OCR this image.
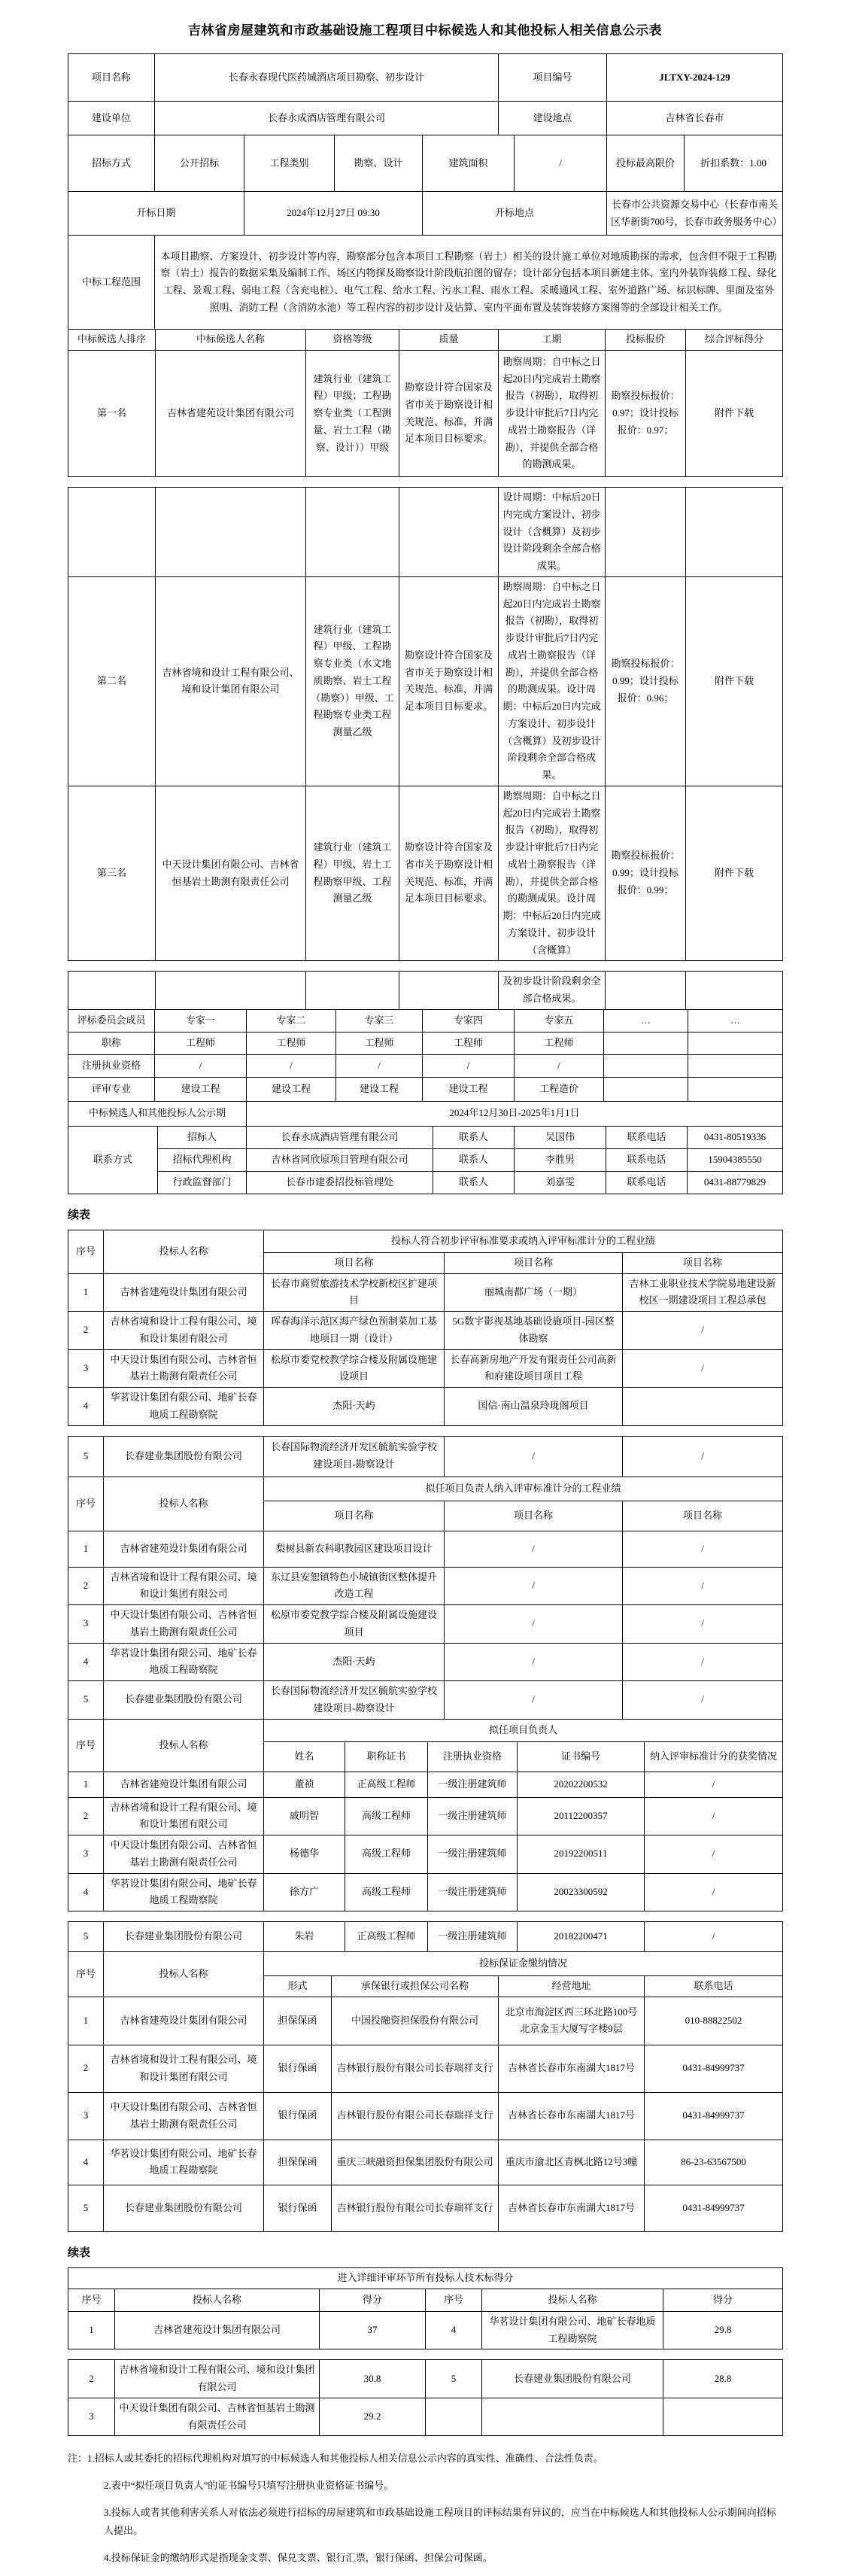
吉林省房屋建筑和市政基础设施工程项目中标候选人和其他投标人相关信息公示表
项目名称	长春永春现代医药城酒店项目勘察、初步设计	项目编号	JLTXY-2024-129
建设单位	长春永成酒店管理有限公司	建设地点	吉林省长春市
招标方式	公开招标	工程类别	勘察、设计	建筑面积	/	投标最高限价	折扣系数：1.00
开标日期	2024年12月27日 09:30	开标地点	长春市公共资源交易中心（长春市南关区华新街700号，长春市政务服务中心）
中标工程范围	本项目勘察、方案设计、初步设计等内容，勘察部分包含本项目工程勘察（岩土）相关的设计施工单位对地质勘探的需求，包含但不限于工程勘察（岩土）报告的数据采集及编制工作、场区内物探及勘察设计阶段航拍图的留存；设计部分包括本项目新建主体、室内外装饰装修工程、绿化工程、景观工程、弱电工程（含充电桩）、电气工程、给水工程、污水工程、雨水工程、采暖通风工程、室外道路广场、标识标牌、里面及室外照明、消防工程（含消防水池）等工程内容的初步设计及估算、室内平面布置及装饰装修方案图等的全部设计相关工作。
中标候选人排序	中标候选人名称	资格等级	质量	工期	投标报价	综合评标得分
第一名	吉林省建苑设计集团有限公司	建筑行业（建筑工程）甲级；工程勘察专业类（工程测量、岩土工程（勘察、设计））甲级	勘察设计符合国家及省市关于勘察设计相关规范、标准，并满足本项目目标要求。	勘察周期：自中标之日起20日内完成岩土勘察报告（初勘），取得初步设计审批后7日内完成岩土勘察报告（详勘），并提供全部合格的勘测成果。	勘察投标报价：0.97；设计投标报价：0.97；	附件下载
				设计周期：中标后20日内完成方案设计、初步设计（含概算）及初步设计阶段剩余全部合格成果。		
第二名	吉林省境和设计工程有限公司、境和设计集团有限公司	建筑行业（建筑工程）甲级、工程勘察专业类（水文地质勘察、岩土工程（勘察））甲级、工程勘察专业类工程测量乙级	勘察设计符合国家及省市关于勘察设计相关规范、标准，并满足本项目目标要求。	勘察周期：自中标之日起20日内完成岩土勘察报告（初勘），取得初步设计审批后7日内完成岩土勘察报告（详勘），并提供全部合格的勘测成果。设计周期：中标后20日内完成方案设计、初步设计（含概算）及初步设计阶段剩余全部合格成果。	勘察投标报价：0.99；设计投标报价：0.96；	附件下载
第三名	中天设计集团有限公司、吉林省恒基岩土勘测有限责任公司	建筑行业（建筑工程）甲级、岩土工程勘察甲级、工程测量乙级	勘察设计符合国家及省市关于勘察设计相关规范、标准，并满足本项目目标要求。	勘察周期：自中标之日起20日内完成岩土勘察报告（初勘），取得初步设计审批后7日内完成岩土勘察报告（详勘），并提供全部合格的勘测成果。设计周期：中标后20日内完成方案设计、初步设计（含概算）	勘察投标报价：0.99；设计投标报价：0.99；	附件下载
				及初步设计阶段剩余全部合格成果。		
评标委员会成员	专家一	专家二	专家三	专家四	专家五	…	…
职称	工程师	工程师	工程师	工程师	工程师		
注册执业资格	/	/	/	/	/		
评审专业	建设工程	建设工程	建设工程	建设工程	工程造价		
中标候选人和其他投标人公示期	2024年12月30日-2025年1月1日
联系方式	招标人	长春永成酒店管理有限公司	联系人	吴国伟	联系电话	0431-80519336
	招标代理机构	吉林省同欣原项目管理有限公司	联系人	李胜男	联系电话	15904385550
	行政监督部门	长春市建委招投标管理处	联系人	刘嘉雯	联系电话	0431-88779829
续表
序号	投标人名称	投标人符合初步评审标准要求或纳入评审标准计分的工程业绩		
		项目名称	项目名称	项目名称
1	吉林省建苑设计集团有限公司	长春市商贸旅游技术学校新校区扩建项目	丽城南都广场（一期）	吉林工业职业技术学院易地建设新校区一期建设项目工程总承包
2	吉林省境和设计工程有限公司、境和设计集团有限公司	珲春海洋示范区海产绿色预制菜加工基地项目一期（设计）	5G数字影视基地基础设施项目-园区整体勘察	/
3	中天设计集团有限公司、吉林省恒基岩土勘测有限责任公司	松原市委党校教学综合楼及附属设施建设项目	长春高新房地产开发有限责任公司高新和府建设项目项目工程	/
4	华茗设计集团有限公司、地矿长春地质工程勘察院	杰阳·天屿	国信·南山温泉玲珑阁项目	
5	长春建业集团股份有限公司	长春国际物流经济开发区毓航实验学校建设项目-勘察设计	/	/
序号	投标人名称	拟任项目负责人纳入评审标准计分的工程业绩		
		项目名称	项目名称	项目名称
1	吉林省建苑设计集团有限公司	梨树县新农科职教园区建设项目设计	/	/
2	吉林省境和设计工程有限公司、境和设计集团有限公司	东辽县安恕镇特色小城镇街区整体提升改造工程	/	/
3	中天设计集团有限公司、吉林省恒基岩土勘测有限责任公司	松原市委党教学综合楼及附属设施建设项目	/	/
4	华茗设计集团有限公司、地矿长春地质工程勘察院	杰阳·天屿	/	/
5	长春建业集团股份有限公司	长春国际物流经济开发区毓航实验学校建设项目-勘察设计	/	/
序号	投标人名称	拟任项目负责人				
		姓名	职称证书	注册执业资格	证书编号	纳入评审标准计分的获奖情况
1	吉林省建苑设计集团有限公司	董祯	正高级工程师	一级注册建筑师	20202200532	/
2	吉林省境和设计工程有限公司、境和设计集团有限公司	戚明智	高级工程师	一级注册建筑师	20112200357	/
3	中天设计集团有限公司、吉林省恒基岩土勘测有限责任公司	杨德华	高级工程师	一级注册建筑师	20192200511	/
4	华茗设计集团有限公司、地矿长春地质工程勘察院	徐方广	高级工程师	一级注册建筑师	20023300592	/
5	长春建业集团股份有限公司	朱岩	正高级工程师	一级注册建筑师	20182200471	/
序号	投标人名称	投标保证金缴纳情况			
		形式	承保银行或担保公司名称	经营地址	联系电话
1	吉林省建苑设计集团有限公司	担保保函	中国投融资担保股份有限公司	北京市海淀区西三环北路100号北京金玉大厦写字楼9层	010-88822502
2	吉林省境和设计工程有限公司、境和设计集团有限公司	银行保函	吉林银行股份有限公司长春瑞祥支行	吉林省长春市东南湖大1817号	0431-84999737
3	中天设计集团有限公司、吉林省恒基岩土勘测有限责任公司	银行保函	吉林银行股份有限公司长春瑞祥支行	吉林省长春市东南湖大1817号	0431-84999737
4	华茗设计集团有限公司、地矿长春地质工程勘察院	担保保函	重庆三峡融资担保集团股份有限公司	重庆市渝北区青枫北路12号3幢	86-23-63567500
5	长春建业集团股份有限公司	银行保函	吉林银行股份有限公司长春瑞祥支行	吉林省长春市东南湖大1817号	0431-84999737
续表
进入详细评审环节所有投标人技术标得分					
序号	投标人名称	得分	序号	投标人名称	得分
1	吉林省建苑设计集团有限公司	37	4	华茗设计集团有限公司、地矿长春地质工程勘察院	29.8
2	吉林省境和设计工程有限公司、境和设计集团有限公司	30.8	5	长春建业集团股份有限公司	28.8
3	中天设计集团有限公司、吉林省恒基岩土勘测有限责任公司	29.2			

注：1.招标人或其委托的招标代理机构对填写的中标候选人和其他投标人相关信息公示内容的真实性、准确性、合法性负责。

2.表中“拟任项目负责人”的证书编号只填写注册执业资格证书编号。

3.投标人或者其他利害关系人对依法必须进行招标的房屋建筑和市政基础设施工程项目的评标结果有异议的，应当在中标候选人和其他投标人公示期间向招标人提出。

4.投标保证金的缴纳形式是指现金支票、保兑支票、银行汇票，银行保函、担保公司保函。
